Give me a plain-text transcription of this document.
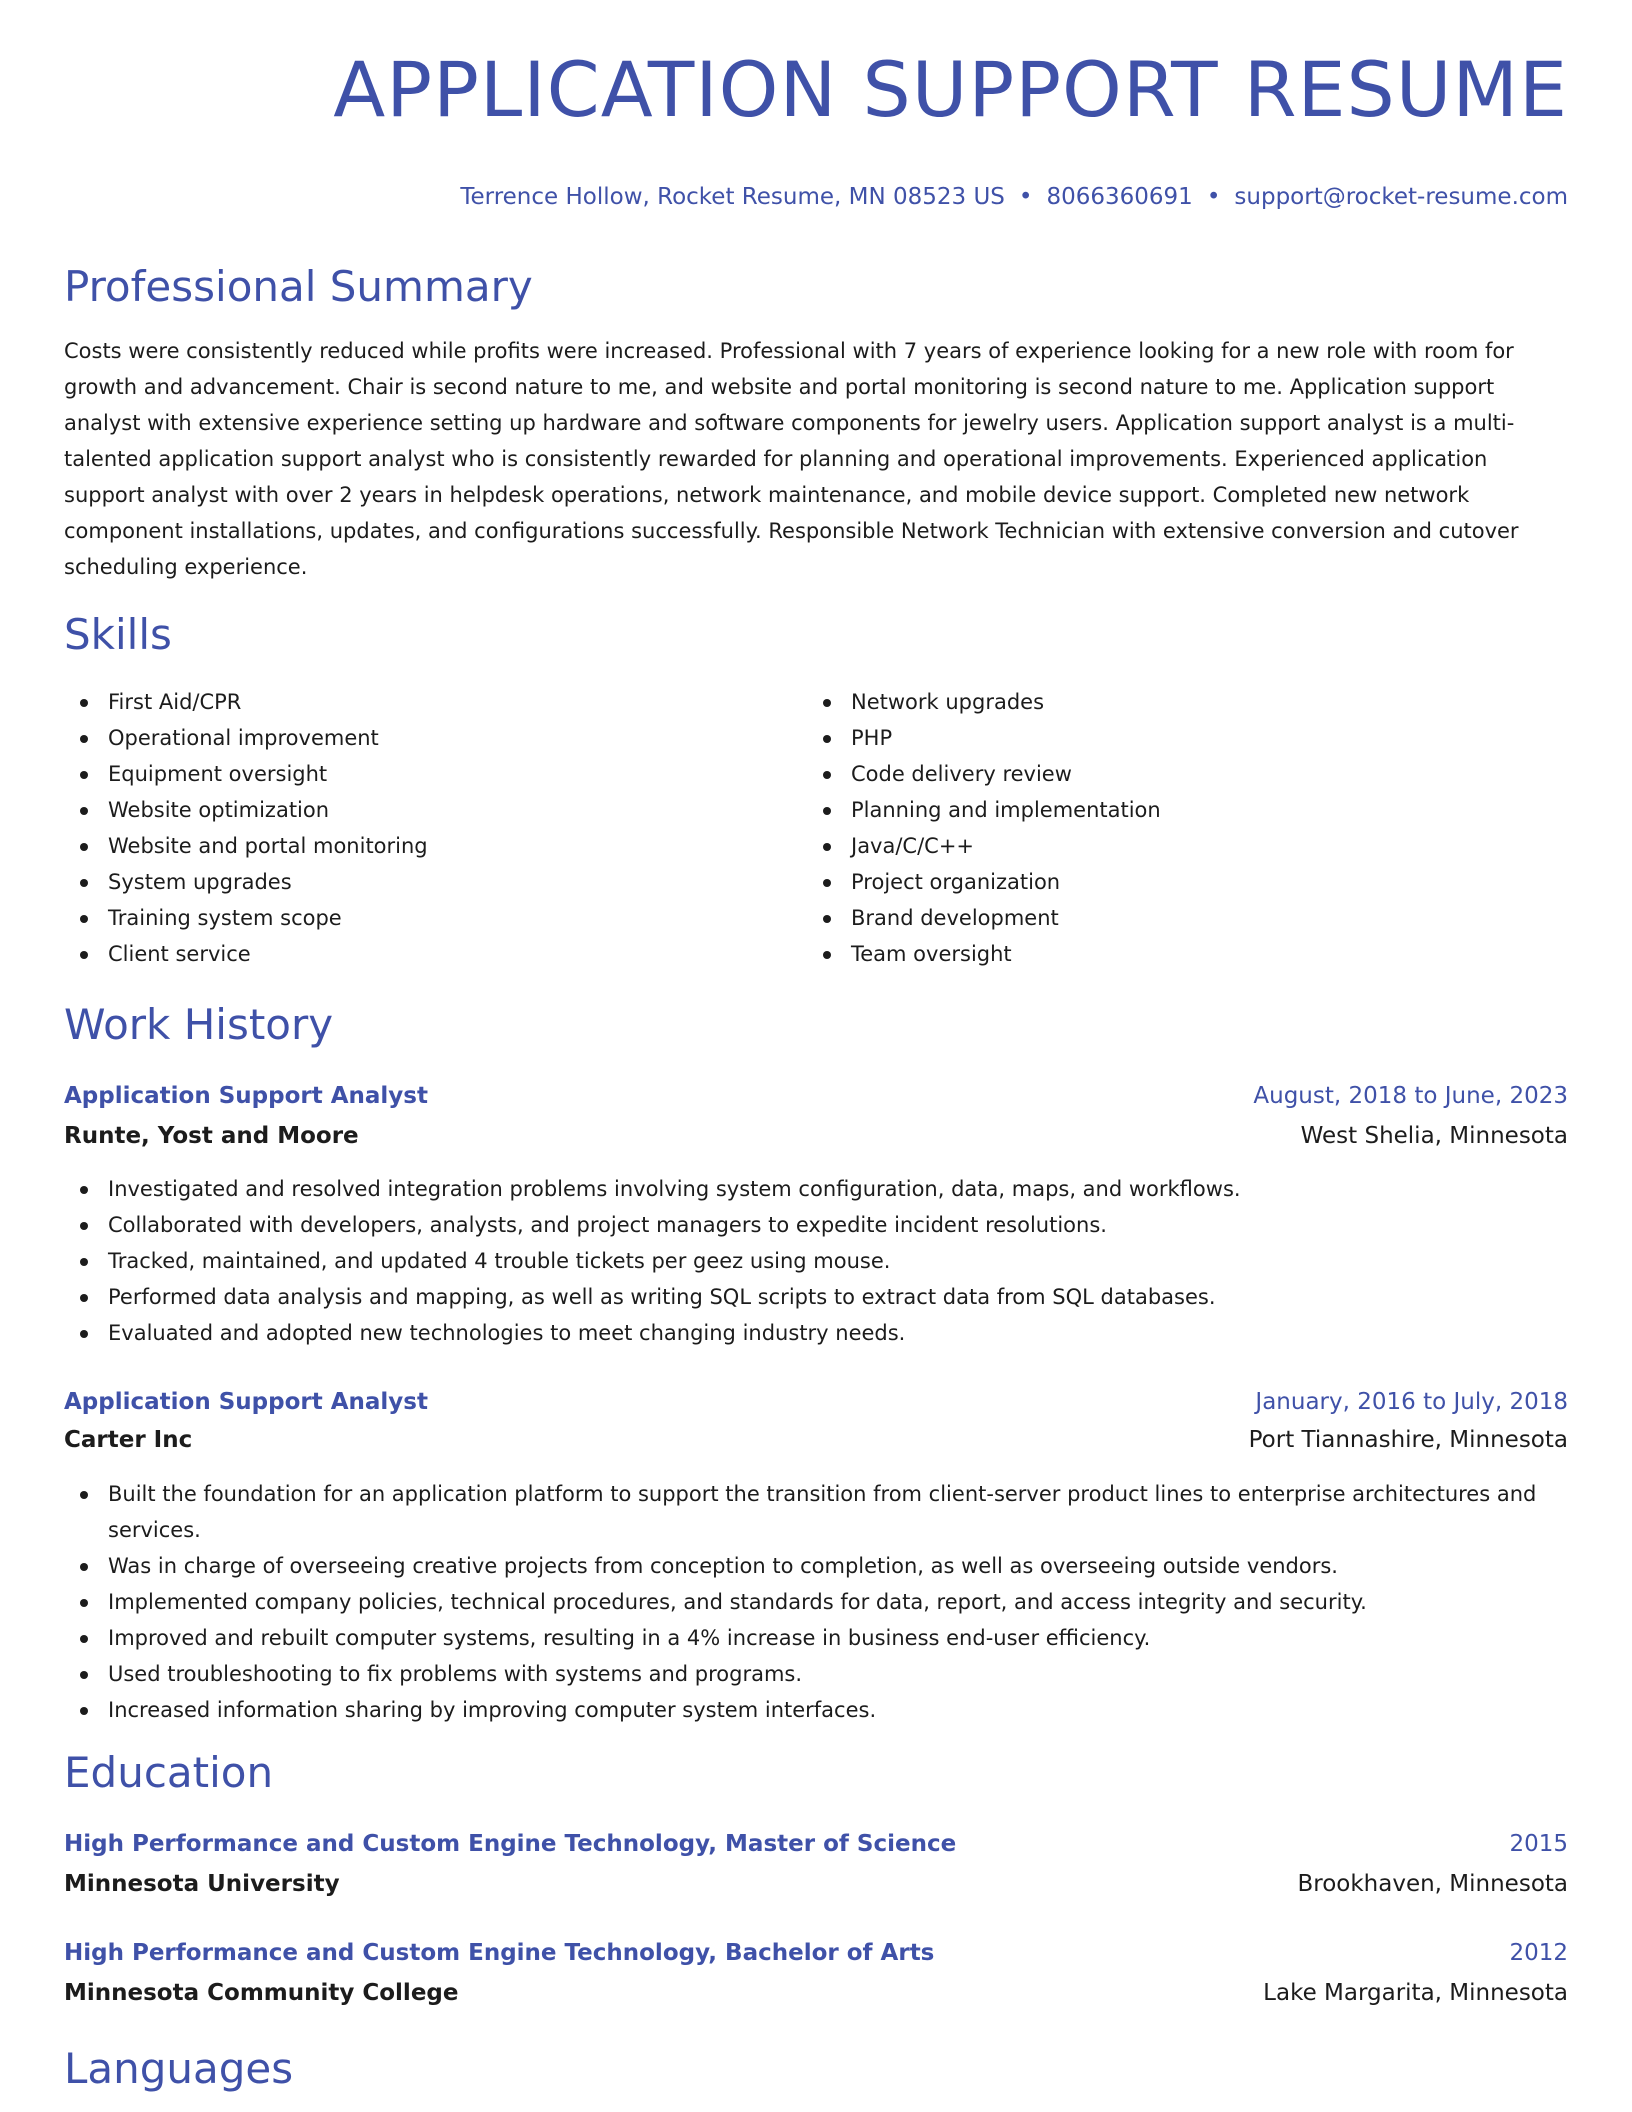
APPLICATION SUPPORT RESUME
Terrence Hollow, Rocket Resume, MN 08523 US • 8066360691 • support@rocket-resume.com
Professional Summary

Costs were consistently reduced while profits were increased. Professional with 7 years of experience looking for a new role with room for growth and advancement. Chair is second nature to me, and website and portal monitoring is second nature to me. Application support analyst with extensive experience setting up hardware and software components for jewelry users. Application support analyst is a multi-talented application support analyst who is consistently rewarded for planning and operational improvements. Experienced application support analyst with over 2 years in helpdesk operations, network maintenance, and mobile device support. Completed new network component installations, updates, and configurations successfully. Responsible Network Technician with extensive conversion and cutover scheduling experience.

Skills
First Aid/CPR
Operational improvement
Equipment oversight
Website optimization
Website and portal monitoring
System upgrades
Training system scope
Client service
Network upgrades
PHP
Code delivery review
Planning and implementation
Java/C/C++
Project organization
Brand development
Team oversight
Work History
Application Support Analyst	August, 2018 to June, 2023
Runte, Yost and Moore	West Shelia, Minnesota
Investigated and resolved integration problems involving system configuration, data, maps, and workflows.
Collaborated with developers, analysts, and project managers to expedite incident resolutions.
Tracked, maintained, and updated 4 trouble tickets per geez using mouse.
Performed data analysis and mapping, as well as writing SQL scripts to extract data from SQL databases.
Evaluated and adopted new technologies to meet changing industry needs.
Application Support Analyst	January, 2016 to July, 2018
Carter Inc	Port Tiannashire, Minnesota
Built the foundation for an application platform to support the transition from client-server product lines to enterprise architectures and services.
Was in charge of overseeing creative projects from conception to completion, as well as overseeing outside vendors.
Implemented company policies, technical procedures, and standards for data, report, and access integrity and security.
Improved and rebuilt computer systems, resulting in a 4% increase in business end-user efficiency.
Used troubleshooting to fix problems with systems and programs.
Increased information sharing by improving computer system interfaces.
Education
High Performance and Custom Engine Technology, Master of Science	2015
Minnesota University	Brookhaven, Minnesota
High Performance and Custom Engine Technology, Bachelor of Arts	2012
Minnesota Community College	Lake Margarita, Minnesota
Languages
